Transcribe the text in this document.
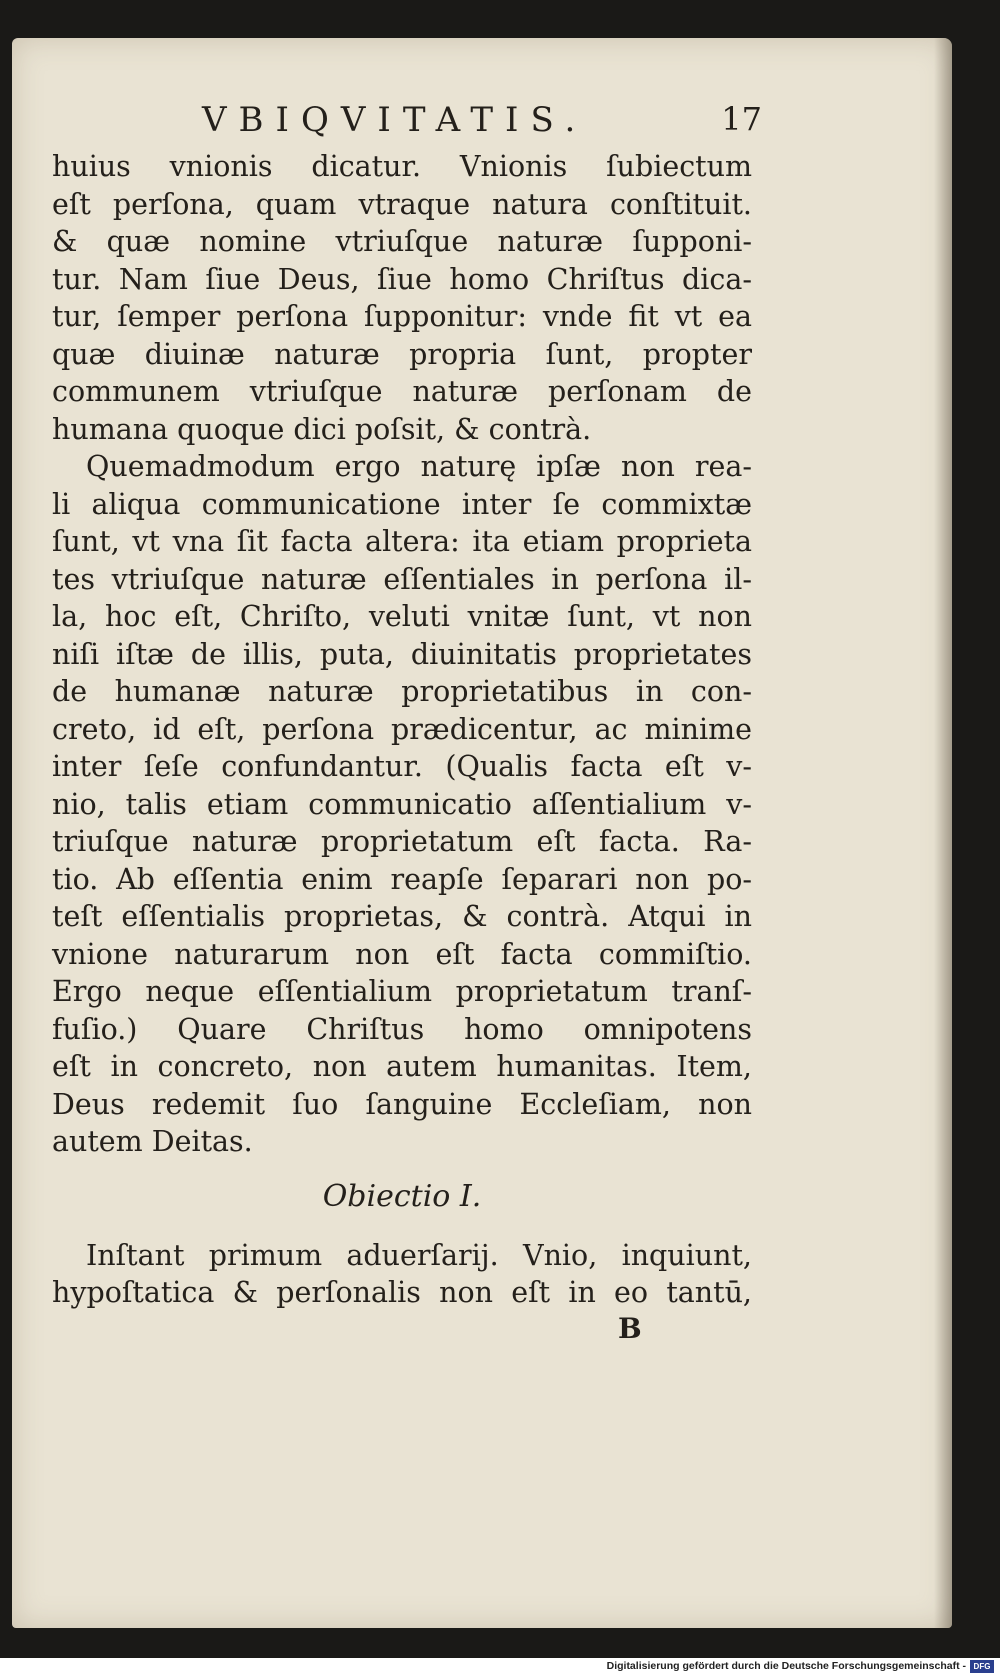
VBIQVITATIS.	17
huius vnionis dicatur. Vnionis ſubiectum
eſt perſona, quam vtraque natura conſtituit.
& quæ nomine vtriuſque naturæ ſupponi-
tur. Nam ſiue Deus, ſiue homo Chriſtus dica-
tur, ſemper perſona ſupponitur: vnde fit vt ea
quæ diuinæ naturæ propria ſunt, propter
communem vtriuſque naturæ perſonam de
humana quoque dici poſsit, & contrà.
Quemadmodum ergo naturę ipſæ non rea-
li aliqua communicatione inter ſe commixtæ
ſunt, vt vna ſit facta altera: ita etiam proprieta
tes vtriuſque naturæ eſſentiales in perſona il-
la, hoc eſt, Chriſto, veluti vnitæ ſunt, vt non
niſi iſtæ de illis, puta, diuinitatis proprietates
de humanæ naturæ proprietatibus in con-
creto, id eſt, perſona prædicentur, ac minime
inter ſeſe confundantur. (Qualis facta eſt v-
nio, talis etiam communicatio aſſentialium v-
triuſque naturæ proprietatum eſt facta. Ra-
tio. Ab eſſentia enim reapſe ſeparari non po-
teſt eſſentialis proprietas, & contrà. Atqui in
vnione naturarum non eſt facta commiſtio.
Ergo neque eſſentialium proprietatum tranſ-
fuſio.) Quare Chriſtus homo omnipotens
eſt in concreto, non autem humanitas. Item,
Deus redemit ſuo ſanguine Eccleſiam, non
autem Deitas.
Obiectio I.
Inſtant primum aduerſarij. Vnio, inquiunt,
hypoſtatica & perſonalis non eſt in eo tantū,
B
Digitalisierung gefördert durch die Deutsche Forschungsgemeinschaft - DFG
